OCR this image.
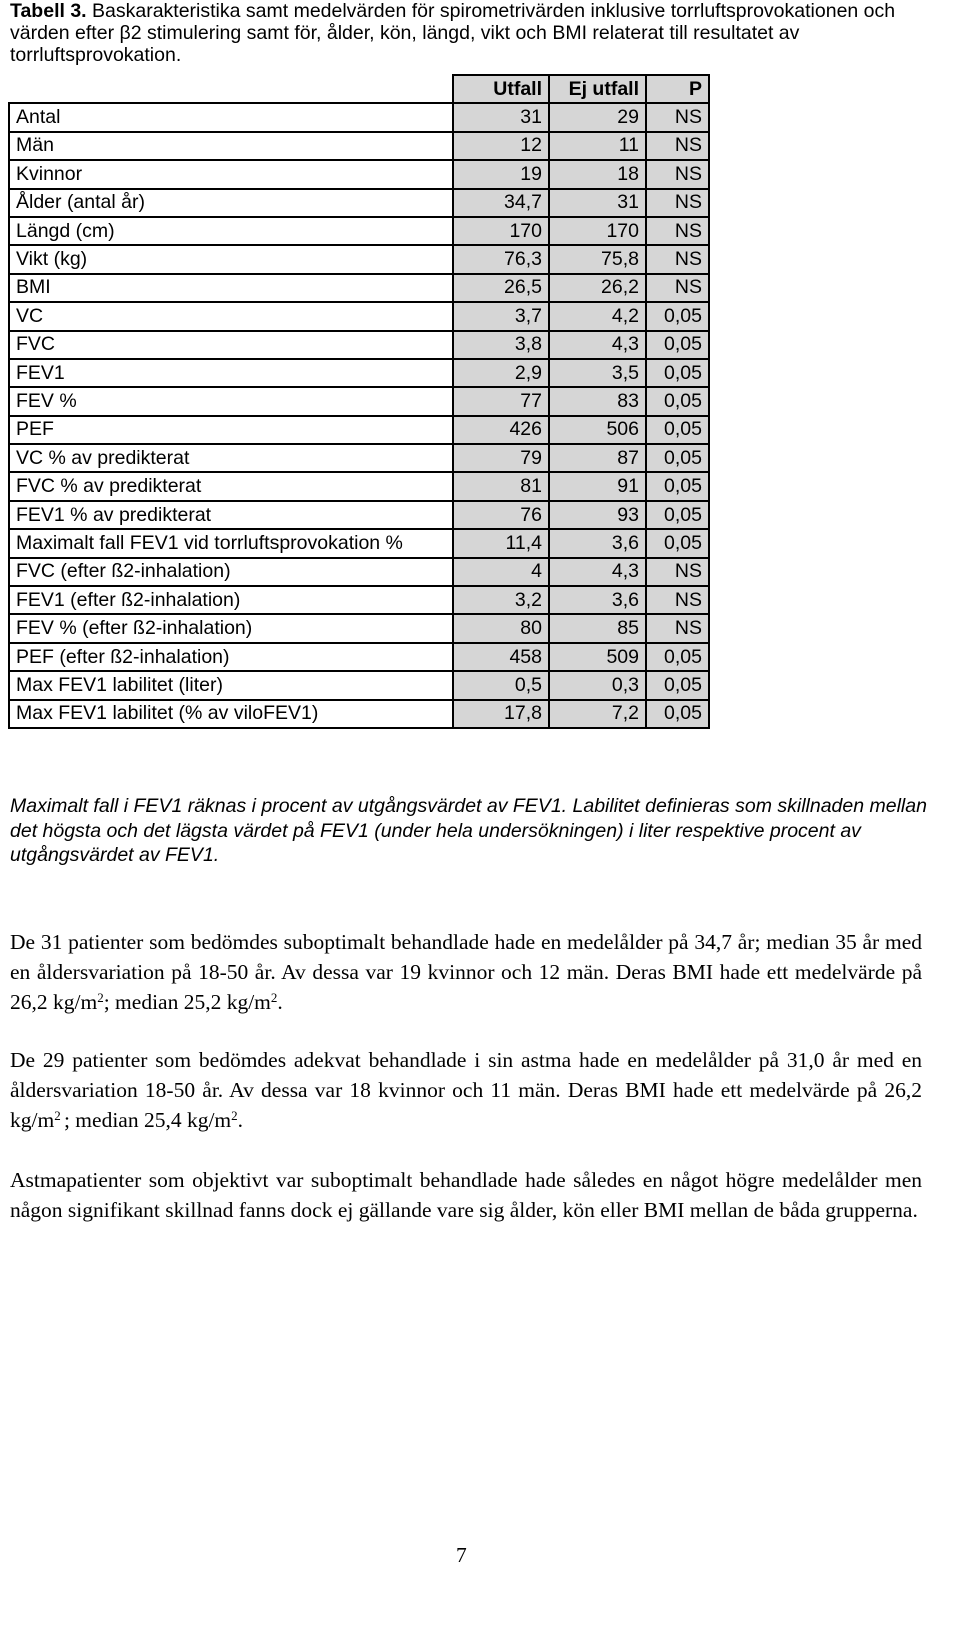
Tabell 3. Baskarakteristika samt medelvärden för spirometrivärden inklusive torrluftsprovokationen och värden efter β2 stimulering samt för, ålder, kön, längd, vikt och BMI relaterat till resultatet av torrluftsprovokation.
	Utfall	Ej utfall	P
Antal	31	29	NS
Män	12	11	NS
Kvinnor	19	18	NS
Ålder (antal år)	34,7	31	NS
Längd (cm)	170	170	NS
Vikt (kg)	76,3	75,8	NS
BMI	26,5	26,2	NS
VC	3,7	4,2	0,05
FVC	3,8	4,3	0,05
FEV1	2,9	3,5	0,05
FEV %	77	83	0,05
PEF	426	506	0,05
VC % av predikterat	79	87	0,05
FVC % av predikterat	81	91	0,05
FEV1 % av predikterat	76	93	0,05
Maximalt fall FEV1 vid torrluftsprovokation %	11,4	3,6	0,05
FVC (efter ß2-inhalation)	4	4,3	NS
FEV1 (efter ß2-inhalation)	3,2	3,6	NS
FEV % (efter ß2-inhalation)	80	85	NS
PEF (efter ß2-inhalation)	458	509	0,05
Max FEV1 labilitet (liter)	0,5	0,3	0,05
Max FEV1 labilitet (% av viloFEV1)	17,8	7,2	0,05
Maximalt fall i FEV1 räknas i procent av utgångsvärdet av FEV1. Labilitet definieras som skillnaden mellan det högsta och det lägsta värdet på FEV1 (under hela undersökningen) i liter respektive procent av utgångsvärdet av FEV1.
De 31 patienter som bedömdes suboptimalt behandlade hade en medelålder på 34,7 år; median 35 år med en åldersvariation på 18-50 år. Av dessa var 19 kvinnor och 12 män. Deras BMI hade ett medelvärde på 26,2 $kg/m^2$; median 25,2 $kg/m^2$.
De 29 patienter som bedömdes adekvat behandlade i sin astma hade en medelålder på 31,0 år med en åldersvariation 18-50 år. Av dessa var 18 kvinnor och 11 män. Deras BMI hade ett medelvärde på 26,2 $kg/m^2$ ; median 25,4 $kg/m^2$.
Astmapatienter som objektivt var suboptimalt behandlade hade således en något högre medelålder men någon signifikant skillnad fanns dock ej gällande vare sig ålder, kön eller BMI mellan de båda grupperna.
7
